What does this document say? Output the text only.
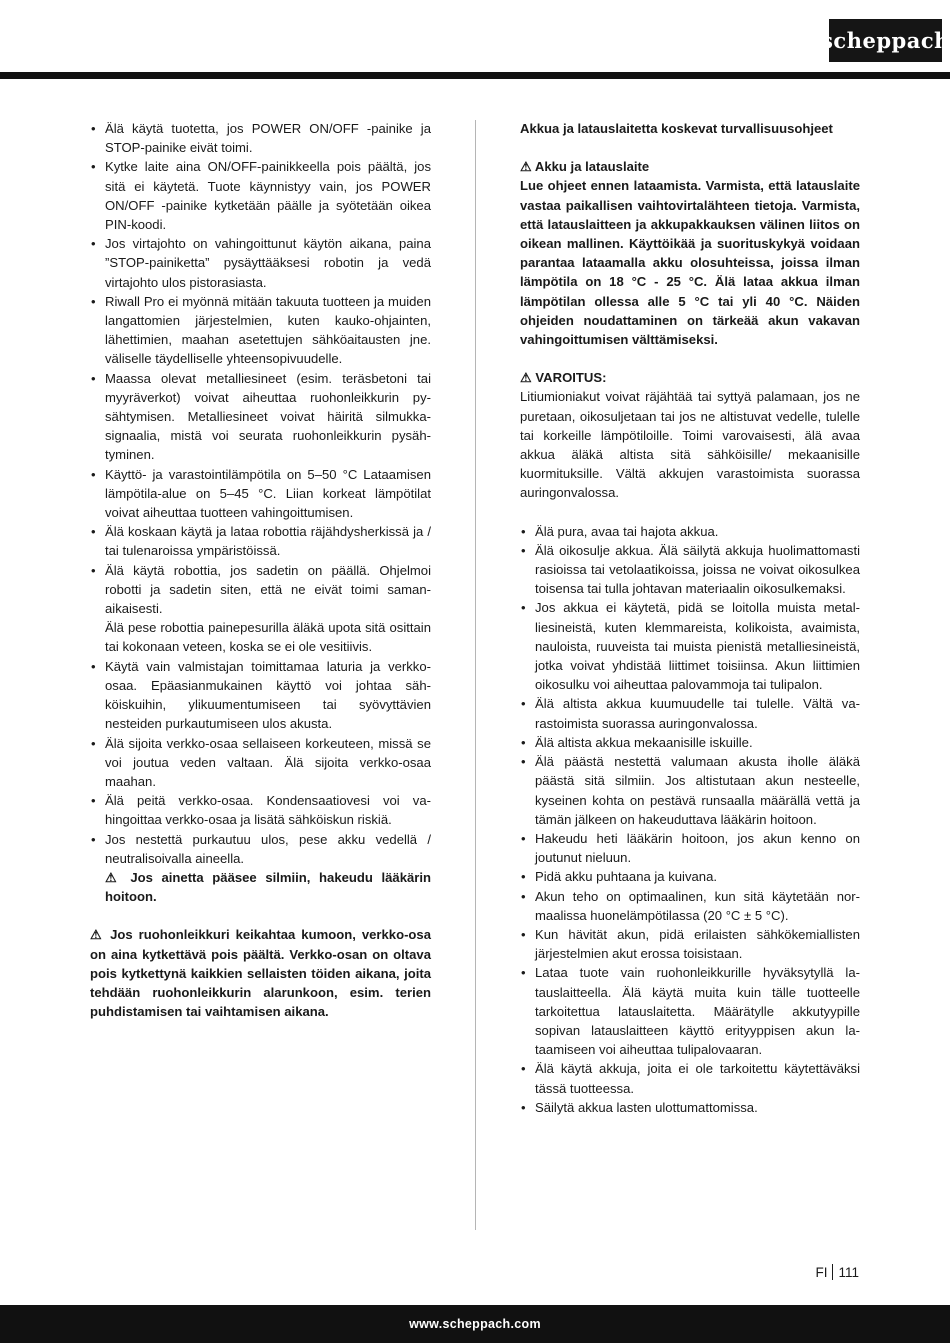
scheppach
• Älä käytä tuotetta, jos POWER ON/OFF -painike ja STOP-painike eivät toimi.
• Kytke laite aina ON/OFF-painikkeella pois päältä, jos sitä ei käytetä. Tuote käynnistyy vain, jos POWER ON/OFF -painike kytketään päälle ja syötetään oikea PIN-koodi.
• Jos virtajohto on vahingoittunut käytön aikana, paina ”STOP-painiketta” pysäyttääksesi robotin ja vedä virtajohto ulos pistorasiasta.
• Riwall Pro ei myönnä mitään takuuta tuotteen ja muiden langattomien järjestelmien, kuten kauko-ohjainten, lähettimien, maahan asetettujen sähköaitausten jne. väliselle täydelliselle yhteensopivuudelle.
• Maassa olevat metalliesineet (esim. teräsbetoni tai myyräverkot) voivat aiheuttaa ruohonleikkurin pysähtymisen. Metalliesineet voivat häiritä silmukkasignaalia, mistä voi seurata ruohonleikkurin pysähtyminen.
• Käyttö- ja varastointilämpötila on 5–50 °C Lataamisen lämpötila-alue on 5–45 °C. Liian korkeat lämpötilat voivat aiheuttaa tuotteen vahingoittumisen.
• Älä koskaan käytä ja lataa robottia räjähdysherkissä ja / tai tulenaroissa ympäristöissä.
• Älä käytä robottia, jos sadetin on päällä. Ohjelmoi robotti ja sadetin siten, että ne eivät toimi samanaikaisesti.

Älä pese robottia painepesurilla äläkä upota sitä osittain tai kokonaan veteen, koska se ei ole vesitiivis.

• Käytä vain valmistajan toimittamaa laturia ja verkko-osaa. Epäasianmukainen käyttö voi johtaa sähköiskuihin, ylikuumentumiseen tai syövyttävien nesteiden purkautumiseen ulos akusta.
• Älä sijoita verkko-osaa sellaiseen korkeuteen, missä se voi joutua veden valtaan. Älä sijoita verkko-osaa maahan.
• Älä peitä verkko-osaa. Kondensaatiovesi voi vahingoittaa verkko-osaa ja lisätä sähköiskun riskiä.
• Jos nestettä purkautuu ulos, pese akku vedellä / neutralisoivalla aineella.

⚠ Jos ainetta pääsee silmiin, hakeudu lääkärin hoitoon.

⚠ Jos ruohonleikkuri keikahtaa kumoon, verkko-osa on aina kytkettävä pois päältä. Verkko-osan on oltava pois kytkettynä kaikkien sellaisten töiden aikana, joita tehdään ruohonleikkurin alarunkoon, esim. terien puhdistamisen tai vaihtamisen aikana.

Akkua ja latauslaitetta koskevat turvallisuusohjeet

⚠ Akku ja latauslaite

Lue ohjeet ennen lataamista. Varmista, että latauslaite vastaa paikallisen vaihtovirtalähteen tietoja. Varmista, että latauslaitteen ja akkupakkauksen välinen liitos on oikean mallinen. Käyttöikää ja suorituskykyä voidaan parantaa lataamalla akku olosuhteissa, joissa ilman lämpötila on 18 °C - 25 °C. Älä lataa akkua ilman lämpötilan ollessa alle 5 °C tai yli 40 °C. Näiden ohjeiden noudattaminen on tärkeää akun vakavan vahingoittumisen välttämiseksi.

⚠ VAROITUS:

Litiumioniakut voivat räjähtää tai syttyä palamaan, jos ne puretaan, oikosuljetaan tai jos ne altistuvat vedelle, tulelle tai korkeille lämpötiloille. Toimi varovaisesti, älä avaa akkua äläkä altista sitä sähköisille/ mekaanisille kuormituksille. Vältä akkujen varastoimista suorassa auringonvalossa.

• Älä pura, avaa tai hajota akkua.
• Älä oikosulje akkua. Älä säilytä akkuja huolimattomasti rasioissa tai vetolaatikoissa, joissa ne voivat oikosulkea toisensa tai tulla johtavan materiaalin oikosulkemaksi.
• Jos akkua ei käytetä, pidä se loitolla muista metalliesineistä, kuten klemmareista, kolikoista, avaimista, nauloista, ruuveista tai muista pienistä metalliesineistä, jotka voivat yhdistää liittimet toisiinsa. Akun liittimien oikosulku voi aiheuttaa palovammoja tai tulipalon.
• Älä altista akkua kuumuudelle tai tulelle. Vältä varastoimista suorassa auringonvalossa.
• Älä altista akkua mekaanisille iskuille.
• Älä päästä nestettä valumaan akusta iholle äläkä päästä sitä silmiin. Jos altistutaan akun nesteelle, kyseinen kohta on pestävä runsaalla määrällä vettä ja tämän jälkeen on hakeuduttava lääkärin hoitoon.
• Hakeudu heti lääkärin hoitoon, jos akun kenno on joutunut nieluun.
• Pidä akku puhtaana ja kuivana.
• Akun teho on optimaalinen, kun sitä käytetään normaalissa huonelämpötilassa (20 °C ± 5 °C).
• Kun hävität akun, pidä erilaisten sähkökemiallisten järjestelmien akut erossa toisistaan.
• Lataa tuote vain ruohonleikkurille hyväksytyllä latauslaitteella. Älä käytä muita kuin tälle tuotteelle tarkoitettua latauslaitetta. Määrätylle akkutyypille sopivan latauslaitteen käyttö erityyppisen akun lataamiseen voi aiheuttaa tulipalovaaran.
• Älä käytä akkuja, joita ei ole tarkoitettu käytettäväksi tässä tuotteessa.
• Säilytä akkua lasten ulottumattomissa.
FI 111
www.scheppach.com
